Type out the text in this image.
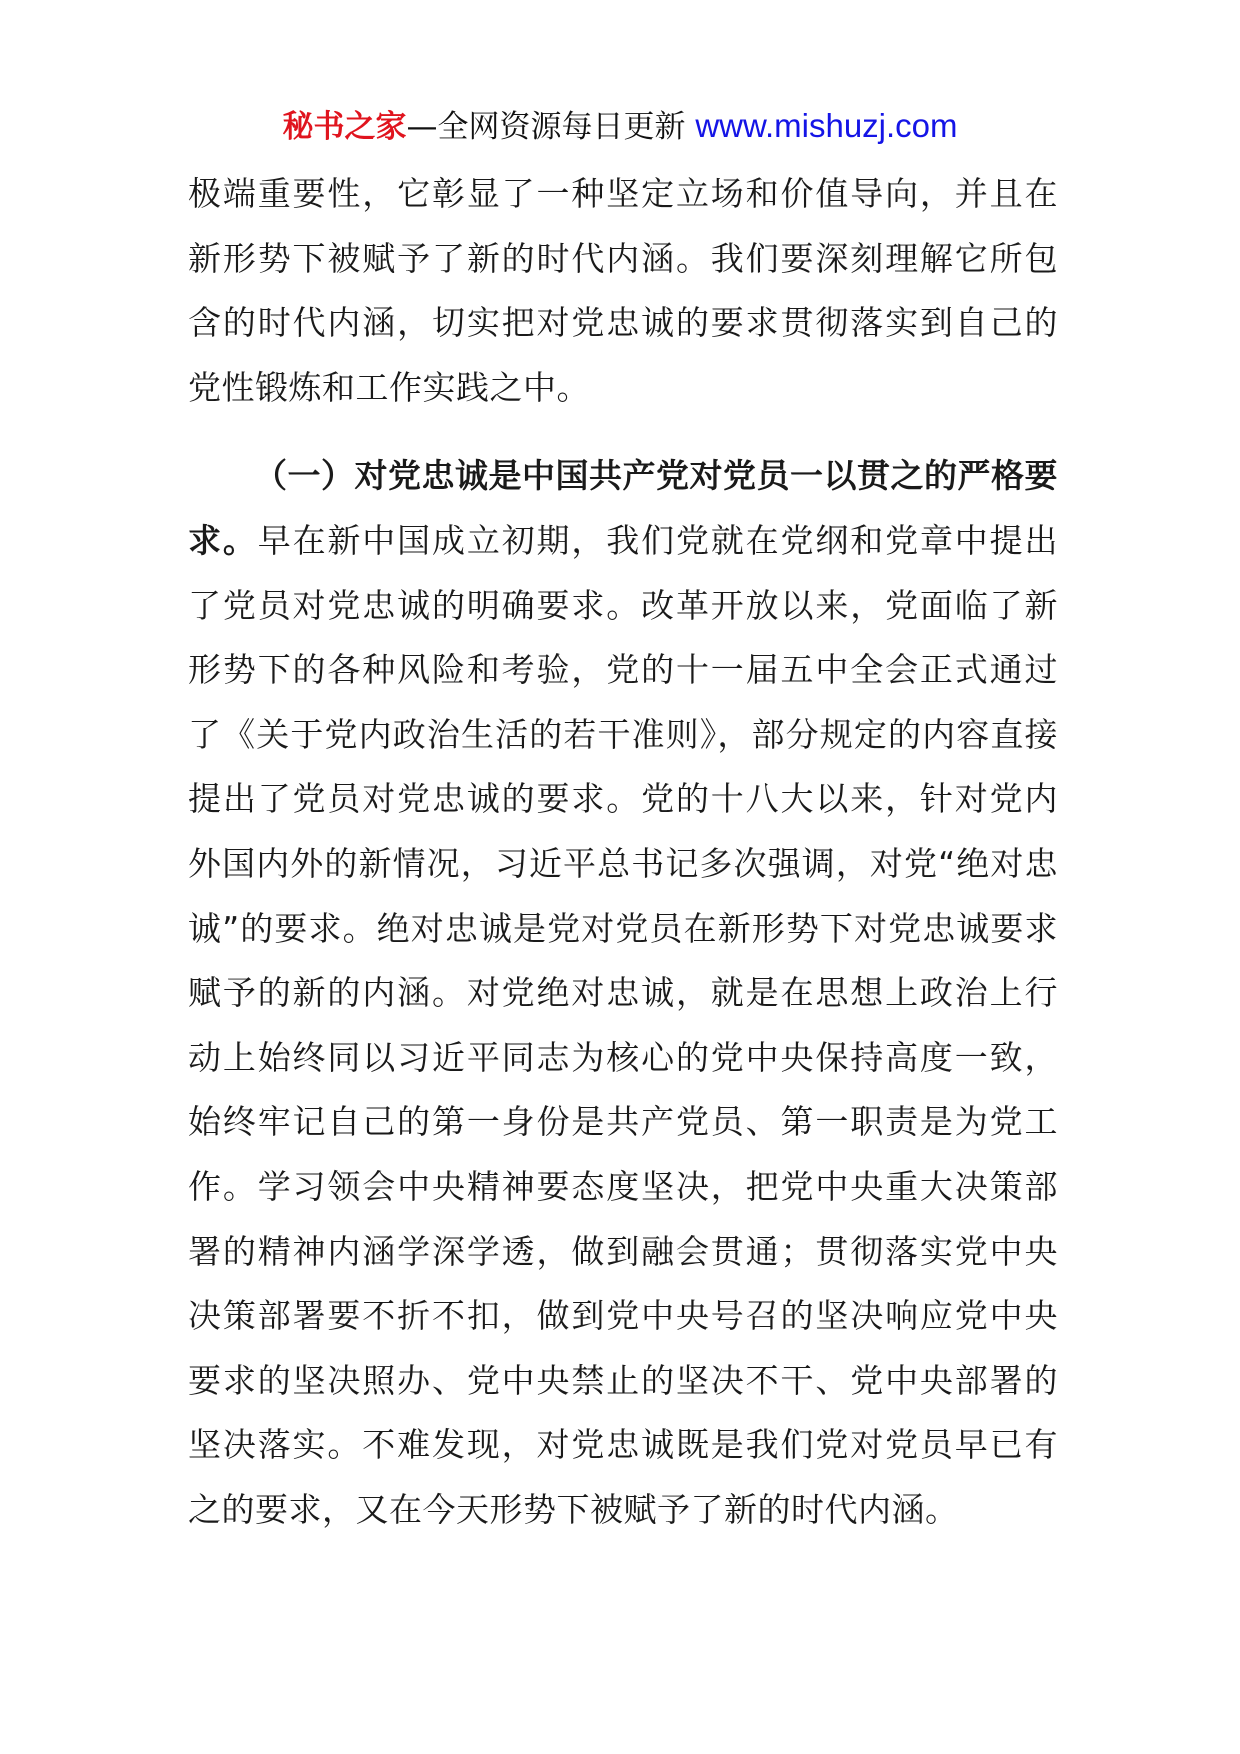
秘书之家—全网资源每日更新 www.mishuzj.com

极端重要性，它彰显了一种坚定立场和价值导向，并且在新形势下被赋予了新的时代内涵。我们要深刻理解它所包含的时代内涵，切实把对党忠诚的要求贯彻落实到自己的党性锻炼和工作实践之中。

（一）对党忠诚是中国共产党对党员一以贯之的严格要求。早在新中国成立初期，我们党就在党纲和党章中提出了党员对党忠诚的明确要求。改革开放以来，党面临了新形势下的各种风险和考验，党的十一届五中全会正式通过了《关于党内政治生活的若干准则》，部分规定的内容直接提出了党员对党忠诚的要求。党的十八大以来，针对党内外国内外的新情况，习近平总书记多次强调，对党“绝对忠诚”的要求。绝对忠诚是党对党员在新形势下对党忠诚要求赋予的新的内涵。对党绝对忠诚，就是在思想上政治上行动上始终同以习近平同志为核心的党中央保持高度一致，始终牢记自己的第一身份是共产党员、第一职责是为党工作。学习领会中央精神要态度坚决，把党中央重大决策部署的精神内涵学深学透，做到融会贯通；贯彻落实党中央决策部署要不折不扣，做到党中央号召的坚决响应党中央要求的坚决照办、党中央禁止的坚决不干、党中央部署的坚决落实。不难发现，对党忠诚既是我们党对党员早已有之的要求，又在今天形势下被赋予了新的时代内涵。
